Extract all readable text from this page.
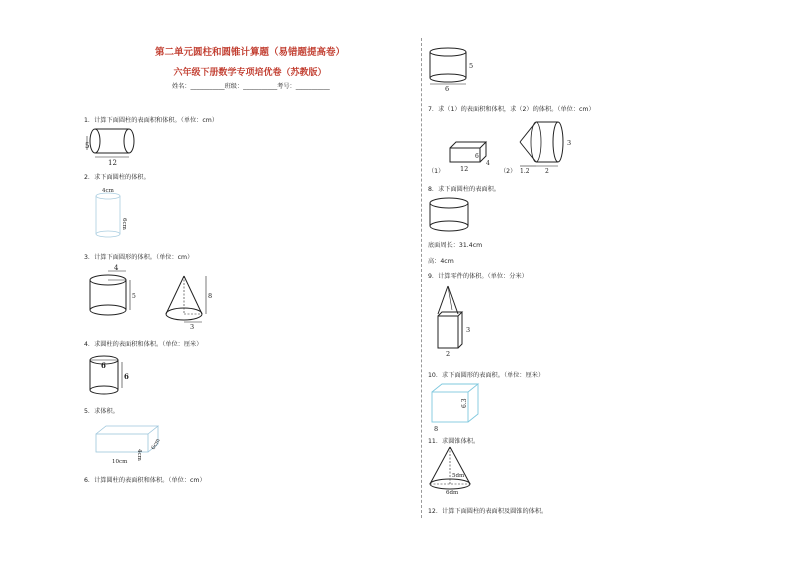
第二单元圆柱和圆锥计算题（易错题提高卷）
六年级下册数学专项培优卷（苏教版）
姓名：___________班级：___________考号：___________
1．计算下面圆柱的表面积和体积。（单位：cm）
5
12
2．求下面圆柱的体积。
4cm
6cm
3．计算下面圆形的体积。（单位：cm）
4
5	8
3
4．求圆柱的表面积和体积。（单位：厘米）
6
6
5．求体积。
10cm
4cm
6cm
6．计算圆柱的表面积和体积。（单位：cm）
6
5
7．求（1）的表面积和体积，求（2）的体积。（单位：cm）
（1） 12
6
4
（2） 1.2	2
3
8．求下面圆柱的表面积。
底面周长：31.4cm
高：4cm
9．计算零件的体积。（单位：分米）
3
2
10．求下面圆形的表面积。（单位：厘米）
6.3
8
11．求圆锥体积。
5dm
6dm
12．计算下面圆柱的表面积及圆锥的体积。
